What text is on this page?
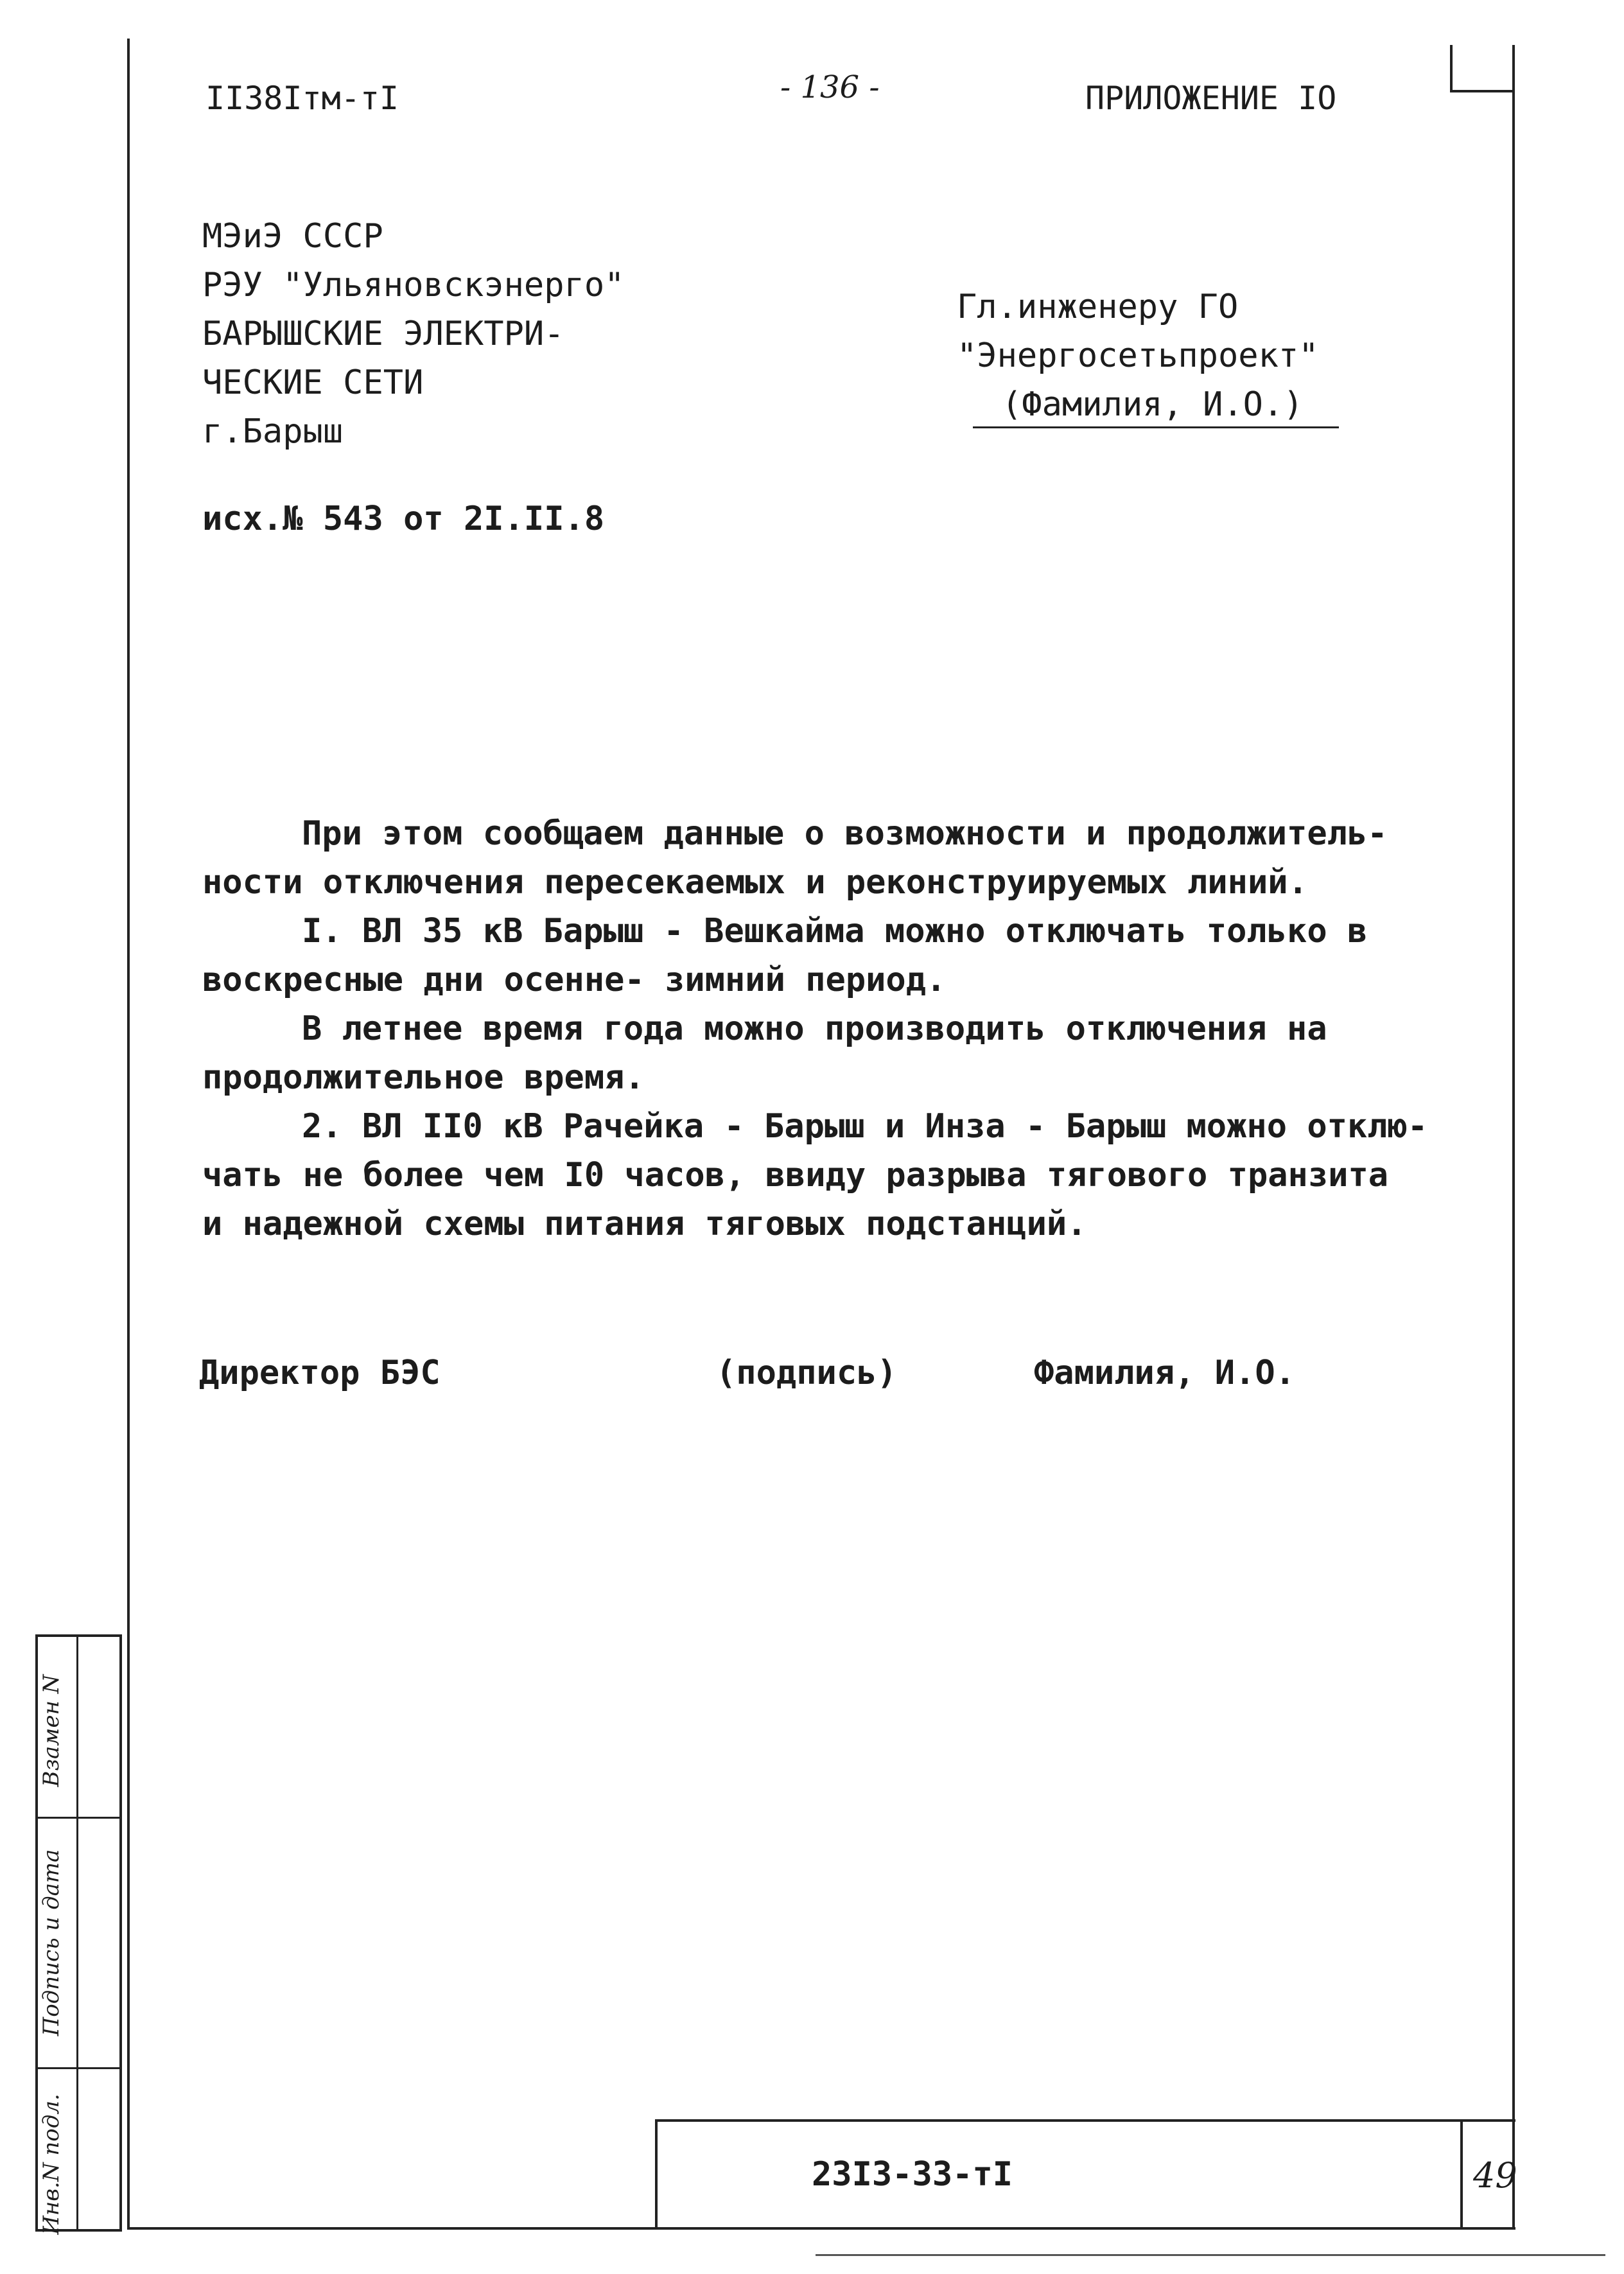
II38Iтм-тI	- 136 -	ПРИЛОЖЕНИЕ IO
МЭиЭ СССР
РЭУ "Ульяновскэнерго"
БАРЫШСКИЕ ЭЛЕКТРИ-
ЧЕСКИЕ СЕТИ
г.Барыш
Гл.инженеру ГО
"Энергосетьпроект"
(Фамилия, И.О.)
исх.№ 543 от 2I.II.8
При этом сообщаем данные о возможности и продолжитель-
ности отключения пересекаемых и реконструируемых линий.
I. ВЛ 35 кВ Барыш - Вешкайма можно отключать только в
воскресные дни осенне- зимний период.
В летнее время года можно производить отключения на
продолжительное время.
2. ВЛ II0 кВ Рачейка - Барыш и Инза - Барыш можно отклю-
чать не более чем I0 часов, ввиду разрыва тягового транзита
и надежной схемы питания тяговых подстанций.
Директор БЭС	(подпись)	Фамилия, И.О.
Инв.N подл.
Подпись и дата
Взамен N
23I3-33-тI	49
